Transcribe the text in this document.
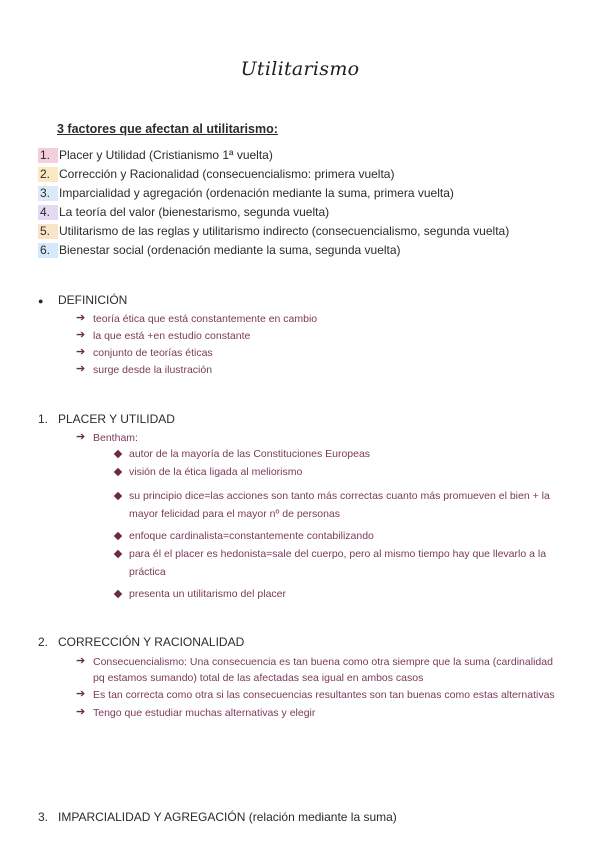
Utilitarismo
3 factores que afectan al utilitarismo:
1. Placer y Utilidad (Cristianismo 1ª vuelta)
2. Corrección y Racionalidad (consecuencialismo: primera vuelta)
3. Imparcialidad y agregación (ordenación mediante la suma, primera vuelta)
4. La teoría del valor (bienestarismo, segunda vuelta)
5. Utilitarismo de las reglas y utilitarismo indirecto (consecuencialismo, segunda vuelta)
6. Bienestar social (ordenación mediante la suma, segunda vuelta)
● DEFINICIÓN
➔ teoría ética que está constantemente en cambio
➔ la que está +en estudio constante
➔ conjunto de teorías éticas
➔ surge desde la ilustración
1. PLACER Y UTILIDAD
➔ Bentham:
autor de la mayoría de las Constituciones Europeas
visión de la ética ligada al meliorismo
su principio dice=las acciones son tanto más correctas cuanto más promueven el bien + la
mayor felicidad para el mayor nº de personas
enfoque cardinalista=constantemente contabilizando
para él el placer es hedonista=sale del cuerpo, pero al mismo tiempo hay que llevarlo a la
práctica
presenta un utilitarismo del placer
2. CORRECCIÓN Y RACIONALIDAD
➔ Consecuencialismo: Una consecuencia es tan buena como otra siempre que la suma (cardinalidad
pq estamos sumando) total de las afectadas sea igual en ambos casos
➔ Es tan correcta como otra si las consecuencias resultantes son tan buenas como estas alternativas
➔ Tengo que estudiar muchas alternativas y elegir
3. IMPARCIALIDAD Y AGREGACIÓN (relación mediante la suma)
